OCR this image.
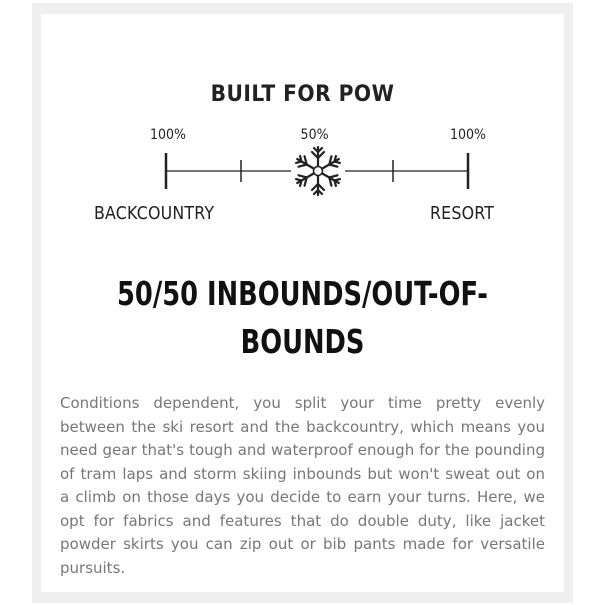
BUILT FOR POW
100%	50%	100%
BACKCOUNTRY	RESORT
50/50 INBOUNDS/OUT-OF-BOUNDS

Conditions dependent, you split your time pretty evenly between the ski resort and the backcountry, which means you need gear that's tough and waterproof enough for the pounding of tram laps and storm skiing inbounds but won't sweat out on a climb on those days you decide to earn your turns. Here, we opt for fabrics and features that do double duty, like jacket powder skirts you can zip out or bib pants made for versatile pursuits.
